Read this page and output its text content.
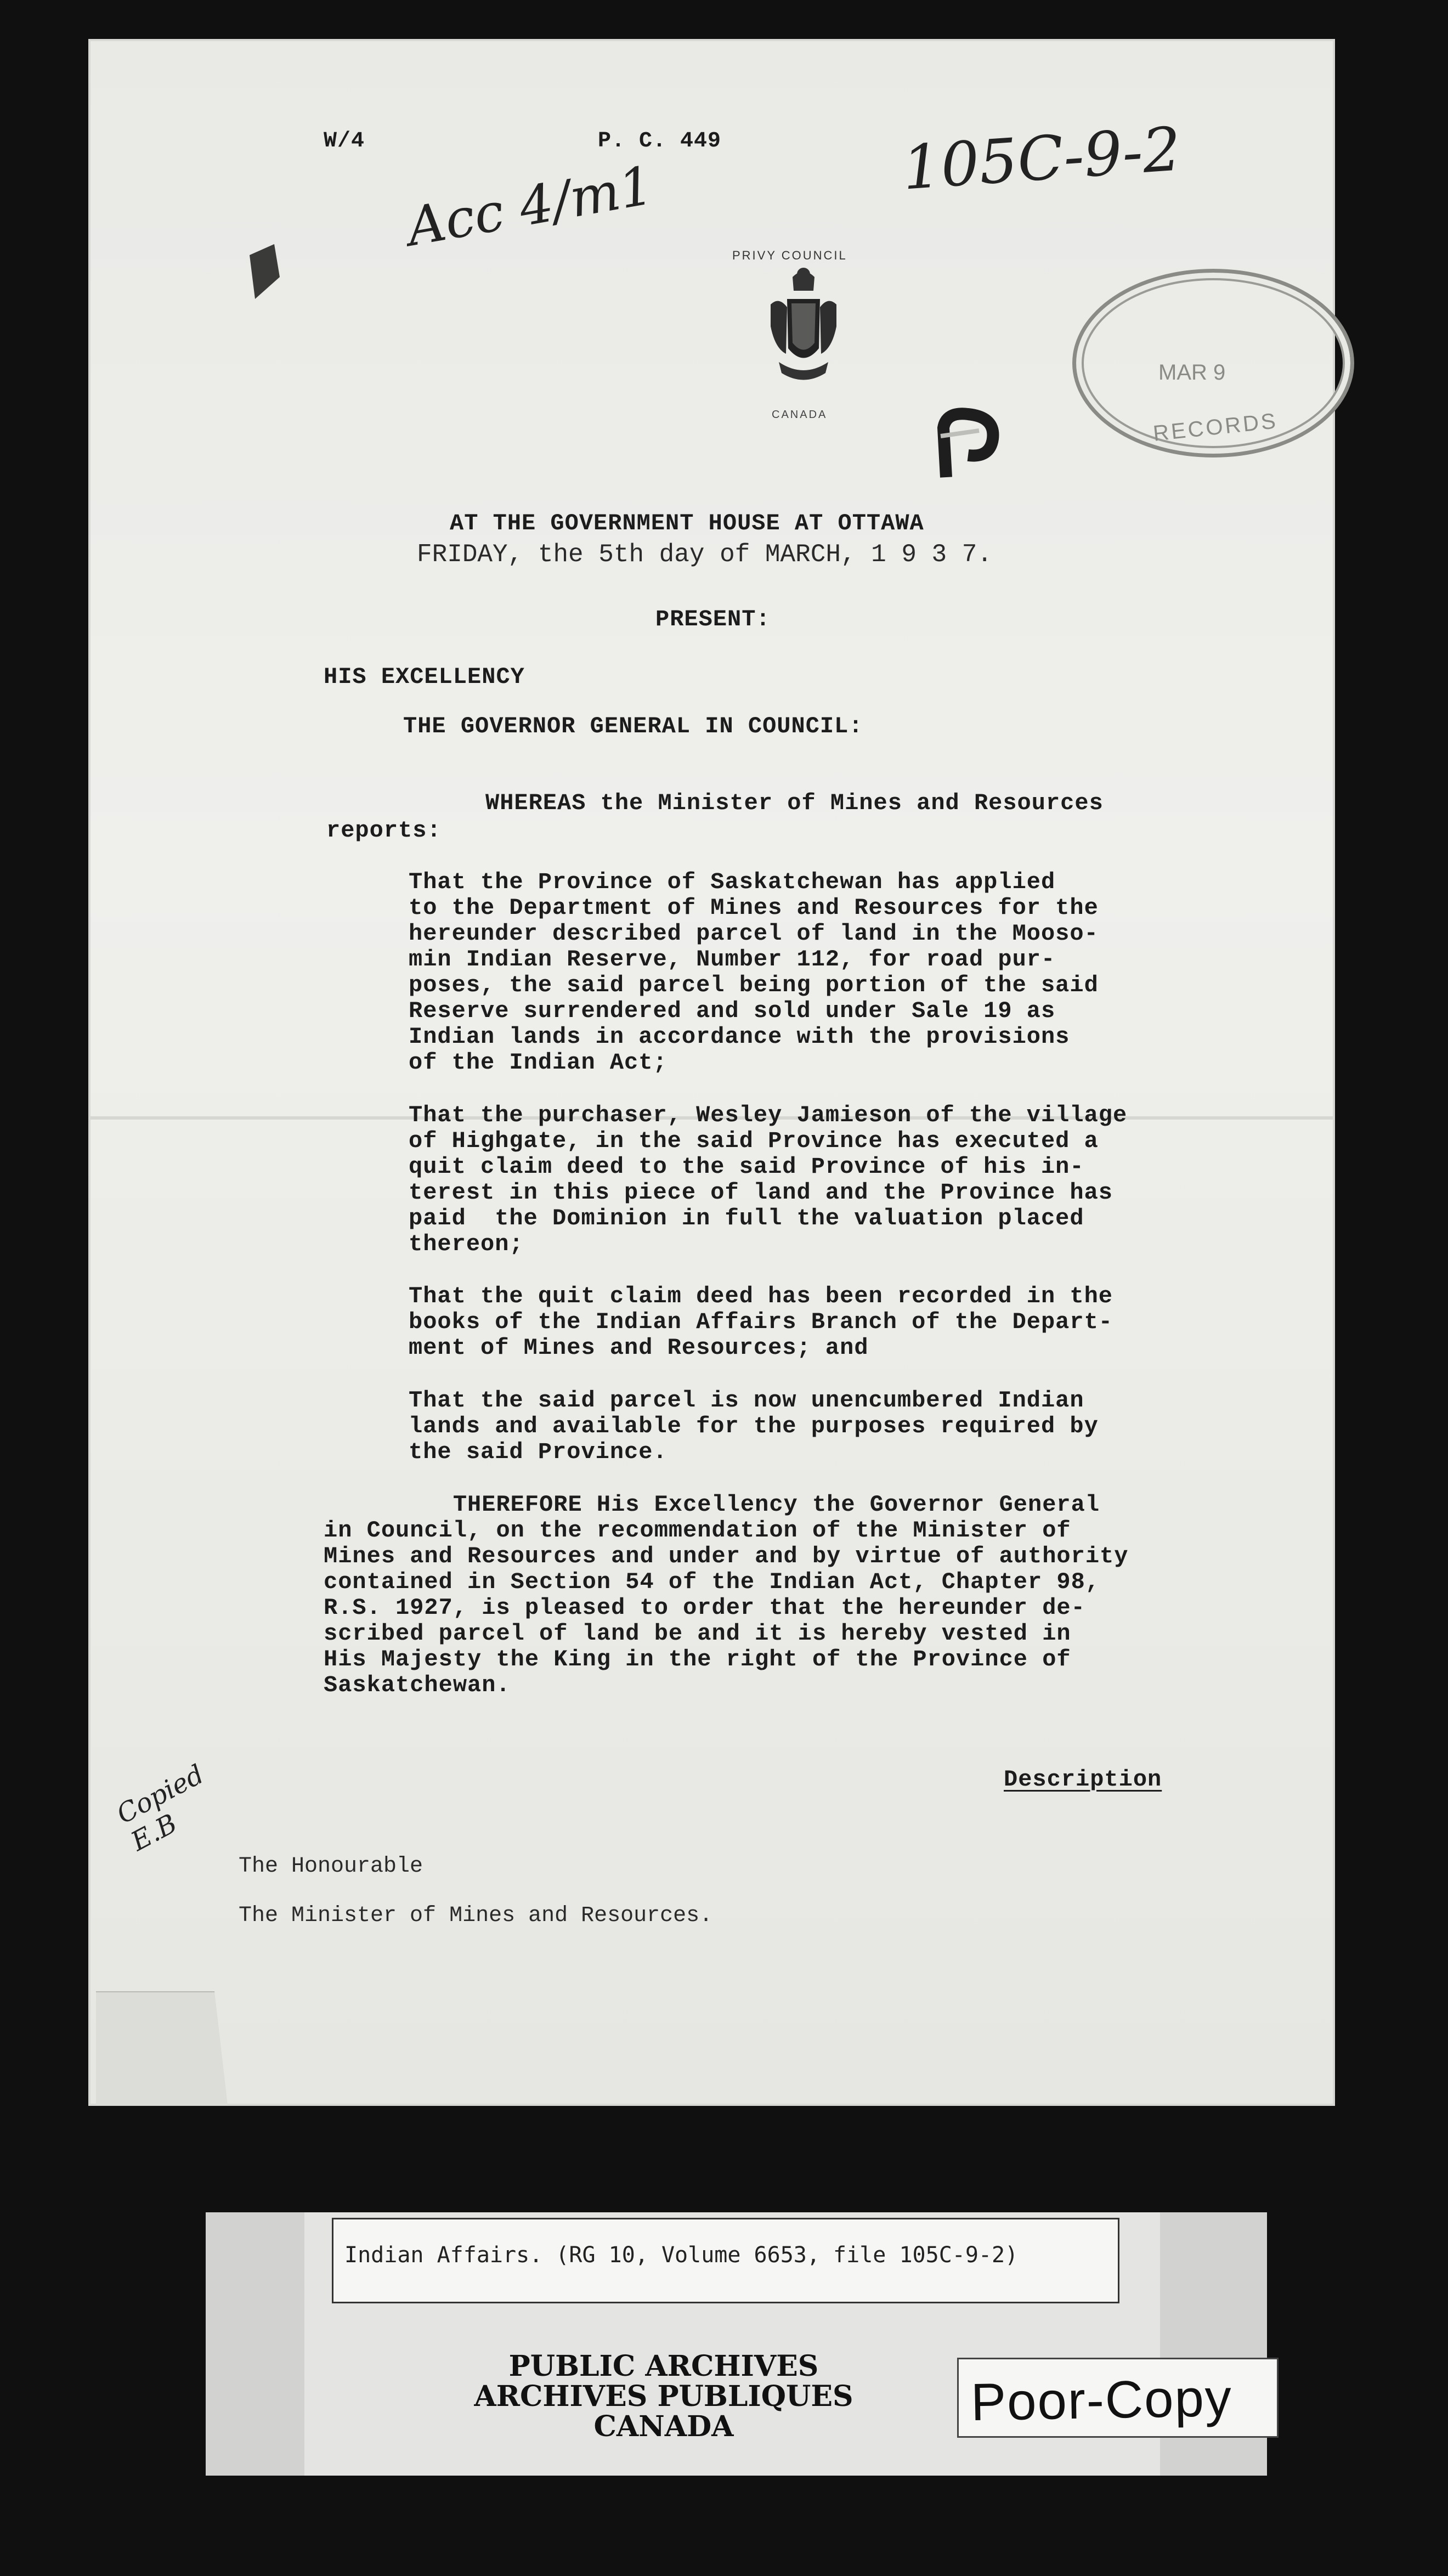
W/4	P. C. 449
Acc 4/m1	105C-9-2
PRIVY COUNCIL
CANADA
MAR 9
RECORDS
AT THE GOVERNMENT HOUSE AT OTTAWA
FRIDAY, the 5th day of MARCH, 1 9 3 7.
PRESENT:
HIS EXCELLENCY
THE GOVERNOR GENERAL IN COUNCIL:
WHEREAS the Minister of Mines and Resources
reports:
That the Province of Saskatchewan has applied
to the Department of Mines and Resources for the
hereunder described parcel of land in the Mooso-
min Indian Reserve, Number 112, for road pur-
poses, the said parcel being portion of the said
Reserve surrendered and sold under Sale 19 as
Indian lands in accordance with the provisions
of the Indian Act;
That the purchaser, Wesley Jamieson of the village
of Highgate, in the said Province has executed a
quit claim deed to the said Province of his in-
terest in this piece of land and the Province has
paid  the Dominion in full the valuation placed
thereon;
That the quit claim deed has been recorded in the
books of the Indian Affairs Branch of the Depart-
ment of Mines and Resources; and
That the said parcel is now unencumbered Indian
lands and available for the purposes required by
the said Province.
THEREFORE His Excellency the Governor General
in Council, on the recommendation of the Minister of
Mines and Resources and under and by virtue of authority
contained in Section 54 of the Indian Act, Chapter 98,
R.S. 1927, is pleased to order that the hereunder de-
scribed parcel of land be and it is hereby vested in
His Majesty the King in the right of the Province of
Saskatchewan.
Copied
E.B
Description
The Honourable
The Minister of Mines and Resources.
Indian Affairs. (RG 10, Volume 6653, file 105C-9-2)
PUBLIC ARCHIVES
ARCHIVES PUBLIQUES
CANADA	Poor-Copy
